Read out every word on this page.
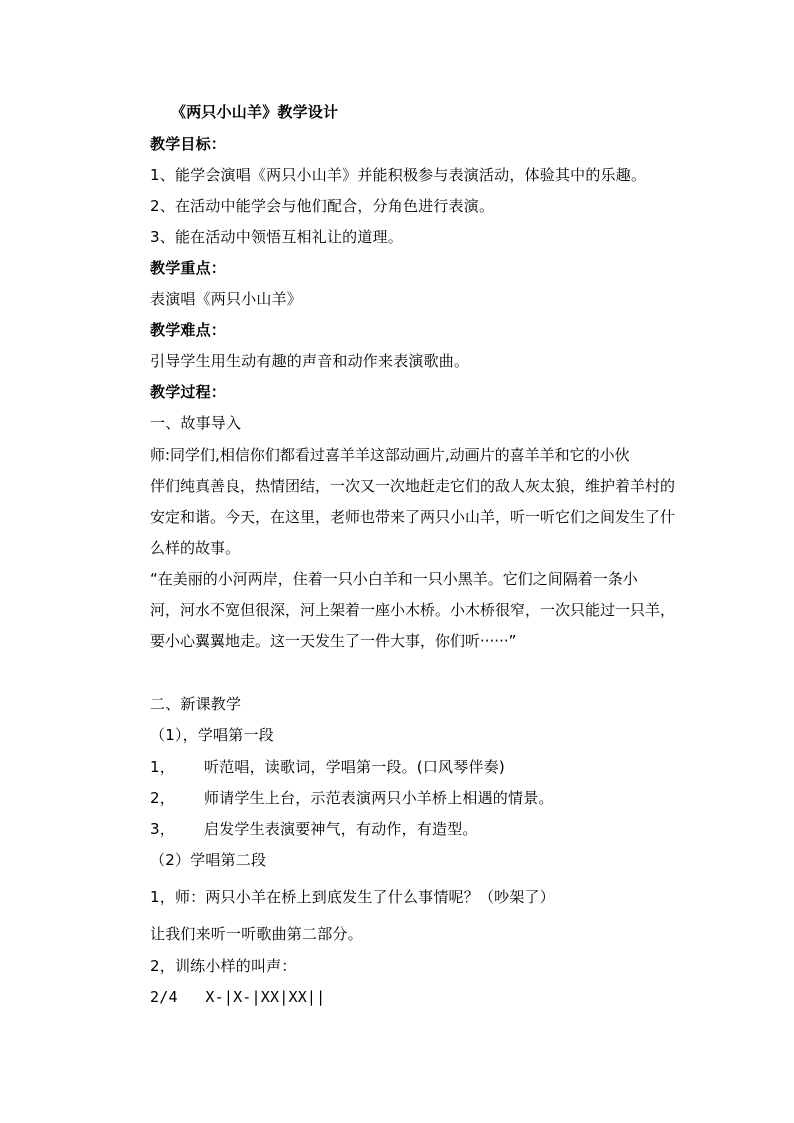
《两只小山羊》教学设计
教学目标：
1、能学会演唱《两只小山羊》并能积极参与表演活动，体验其中的乐趣。
2、在活动中能学会与他们配合，分角色进行表演。
3、能在活动中领悟互相礼让的道理。
教学重点：
表演唱《两只小山羊》
教学难点：
引导学生用生动有趣的声音和动作来表演歌曲。
教学过程：
一、故事导入
师:同学们,相信你们都看过喜羊羊这部动画片,动画片的喜羊羊和它的小伙
伴们纯真善良，热情团结，一次又一次地赶走它们的敌人灰太狼，维护着羊村的
安定和谐。今天，在这里，老师也带来了两只小山羊，听一听它们之间发生了什
么样的故事。
“在美丽的小河两岸，住着一只小白羊和一只小黑羊。它们之间隔着一条小
河，河水不宽但很深，河上架着一座小木桥。小木桥很窄，一次只能过一只羊，
要小心翼翼地走。这一天发生了一件大事，你们听······”
二、新课教学
（1），学唱第一段
1， 听范唱，读歌词，学唱第一段。(口风琴伴奏)
2， 师请学生上台，示范表演两只小羊桥上相遇的情景。
3， 启发学生表演要神气，有动作，有造型。
（2）学唱第二段
1，师：两只小羊在桥上到底发生了什么事情呢？（吵架了）
让我们来听一听歌曲第二部分。
2，训练小样的叫声：
2/4   X-|X-|XX|XX||
